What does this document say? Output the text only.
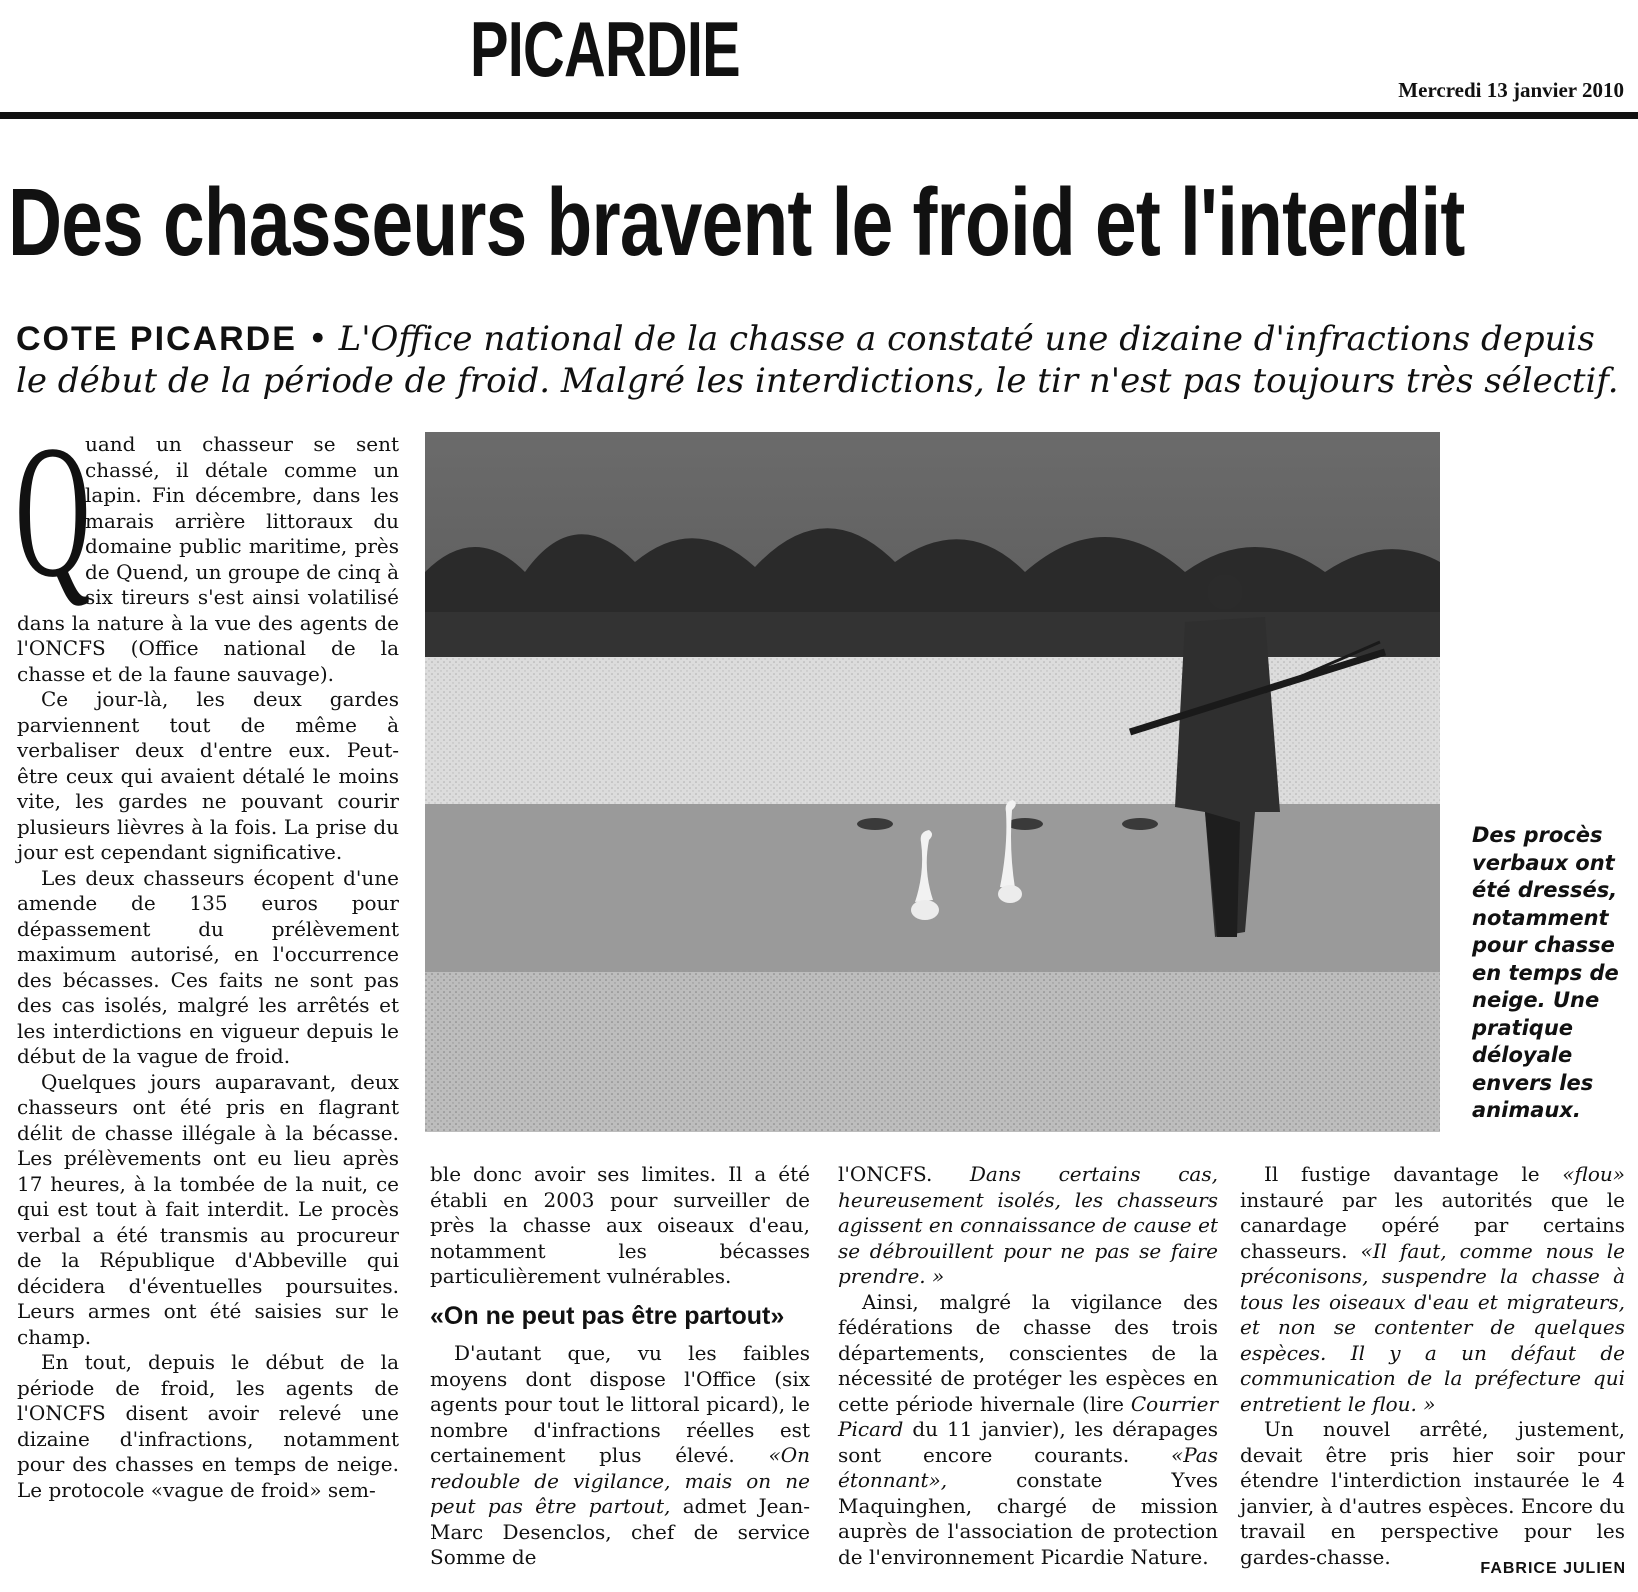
PICARDIE	Mercredi 13 janvier 2010
Des chasseurs bravent le froid et l'interdit
COTE PICARDE • L'Office national de la chasse a constaté une dizaine d'infractions depuis le début de la période de froid. Malgré les interdictions, le tir n'est pas toujours très sélectif.

Q
uand un chasseur se sent chassé, il détale comme un lapin. Fin décembre, dans les marais arrière littoraux du domaine public maritime, près de Quend, un groupe de cinq à six tireurs s'est ainsi volatilisé dans la nature à la vue des agents de l'ONCFS (Office national de la chasse et de la faune sauvage).

Ce jour-là, les deux gardes parviennent tout de même à verbaliser deux d'entre eux. Peut-être ceux qui avaient détalé le moins vite, les gardes ne pouvant courir plusieurs lièvres à la fois. La prise du jour est cependant significative.

Les deux chasseurs écopent d'une amende de 135 euros pour dépassement du prélèvement maximum autorisé, en l'occurrence des bécasses. Ces faits ne sont pas des cas isolés, malgré les arrêtés et les interdictions en vigueur depuis le début de la vague de froid.

Quelques jours auparavant, deux chasseurs ont été pris en flagrant délit de chasse illégale à la bécasse. Les prélèvements ont eu lieu après 17 heures, à la tombée de la nuit, ce qui est tout à fait interdit. Le procès verbal a été transmis au procureur de la République d'Abbeville qui décidera d'éventuelles poursuites. Leurs armes ont été saisies sur le champ.

En tout, depuis le début de la période de froid, les agents de l'ONCFS disent avoir relevé une dizaine d'infractions, notamment pour des chasses en temps de neige. Le protocole «vague de froid» sem-

Des procès verbaux ont été dressés, notamment pour chasse en temps de neige. Une pratique déloyale envers les animaux.

ble donc avoir ses limites. Il a été établi en 2003 pour surveiller de près la chasse aux oiseaux d'eau, notamment les bécasses particulièrement vulnérables.

«On ne peut pas être partout»

D'autant que, vu les faibles moyens dont dispose l'Office (six agents pour tout le littoral picard), le nombre d'infractions réelles est certainement plus élevé. «On redouble de vigilance, mais on ne peut pas être partout, admet Jean-Marc Desenclos, chef de service Somme de

l'ONCFS. Dans certains cas, heureusement isolés, les chasseurs agissent en connaissance de cause et se débrouillent pour ne pas se faire prendre. »

Ainsi, malgré la vigilance des fédérations de chasse des trois départements, conscientes de la nécessité de protéger les espèces en cette période hivernale (lire Courrier Picard du 11 janvier), les dérapages sont encore courants. «Pas étonnant», constate Yves Maquinghen, chargé de mission auprès de l'association de protection de l'environnement Picardie Nature.

Il fustige davantage le «flou» instauré par les autorités que le canardage opéré par certains chasseurs. «Il faut, comme nous le préconisons, suspendre la chasse à tous les oiseaux d'eau et migrateurs, et non se contenter de quelques espèces. Il y a un défaut de communication de la préfecture qui entretient le flou. »

Un nouvel arrêté, justement, devait être pris hier soir pour étendre l'interdiction instaurée le 4 janvier, à d'autres espèces. Encore du travail en perspective pour les gardes-chasse.	FABRICE JULIEN
